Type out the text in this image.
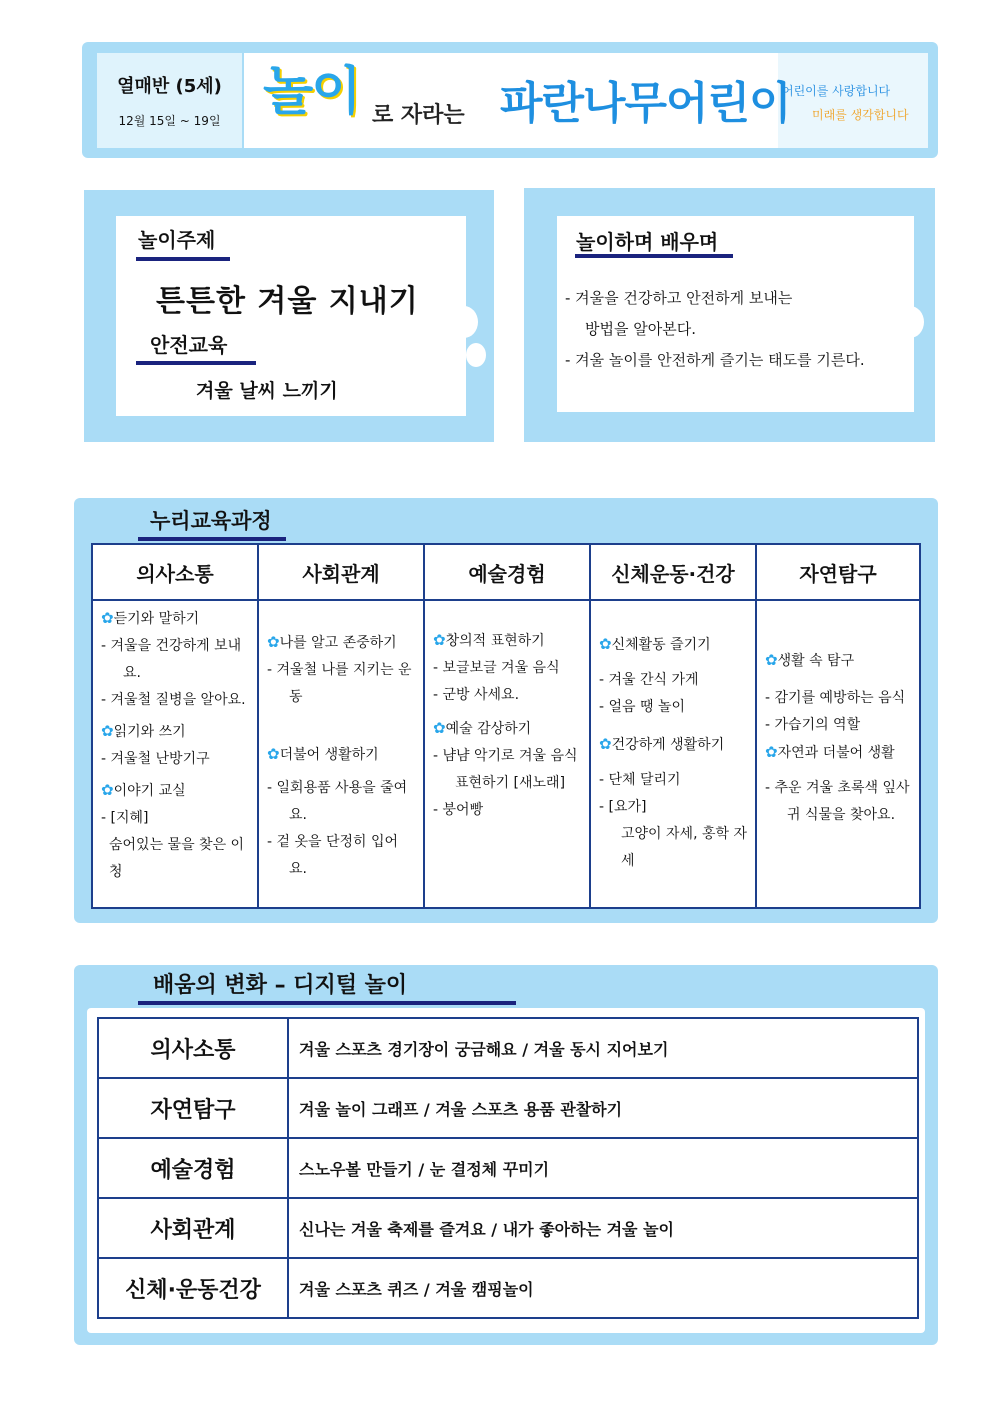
열매반 (5세)
12월 15일 ~ 19일 놀이 로 자라는 파란나무어린이
어린이를 사랑합니다
미래를 생각합니다
놀이주제
튼튼한 겨울 지내기
안전교육
겨울 날씨 느끼기
놀이하며 배우며
- 겨울을 건강하고 안전하게 보내는
방법을 알아본다.
- 겨울 놀이를 안전하게 즐기는 태도를 기른다.
누리교육과정
의사소통
✿듣기와 말하기
- 겨울을 건강하게 보내요.
- 겨울철 질병을 알아요.
✿읽기와 쓰기
- 겨울철 난방기구
✿이야기 교실
- [지혜]
숨어있는 물을 찾은 이청
사회관계
✿나를 알고 존중하기
- 겨울철 나를 지키는 운동
✿더불어 생활하기
- 일회용품 사용을 줄여요.
- 겉 옷을 단정히 입어요.
예술경험
✿창의적 표현하기
- 보글보글 겨울 음식
- 군방 사세요.
✿예술 감상하기
- 냠냠 악기로 겨울 음식 표현하기 [새노래]
- 붕어빵
신체운동·건강
✿신체활동 즐기기
- 겨울 간식 가게
- 얼음 땡 놀이
✿건강하게 생활하기
- 단체 달리기
- [요가]
고양이 자세, 홍학 자세
자연탐구
✿생활 속 탐구
- 감기를 예방하는 음식
- 가습기의 역할
✿자연과 더불어 생활
- 추운 겨울 초록색 잎사귀 식물을 찾아요.
배움의 변화 – 디지털 놀이
의사소통	겨울 스포츠 경기장이 궁금해요 / 겨울 동시 지어보기
자연탐구	겨울 놀이 그래프 / 겨울 스포츠 용품 관찰하기
예술경험	스노우볼 만들기 / 눈 결정체 꾸미기
사회관계	신나는 겨울 축제를 즐겨요 / 내가 좋아하는 겨울 놀이
신체·운동건강	겨울 스포츠 퀴즈 / 겨울 캠핑놀이
